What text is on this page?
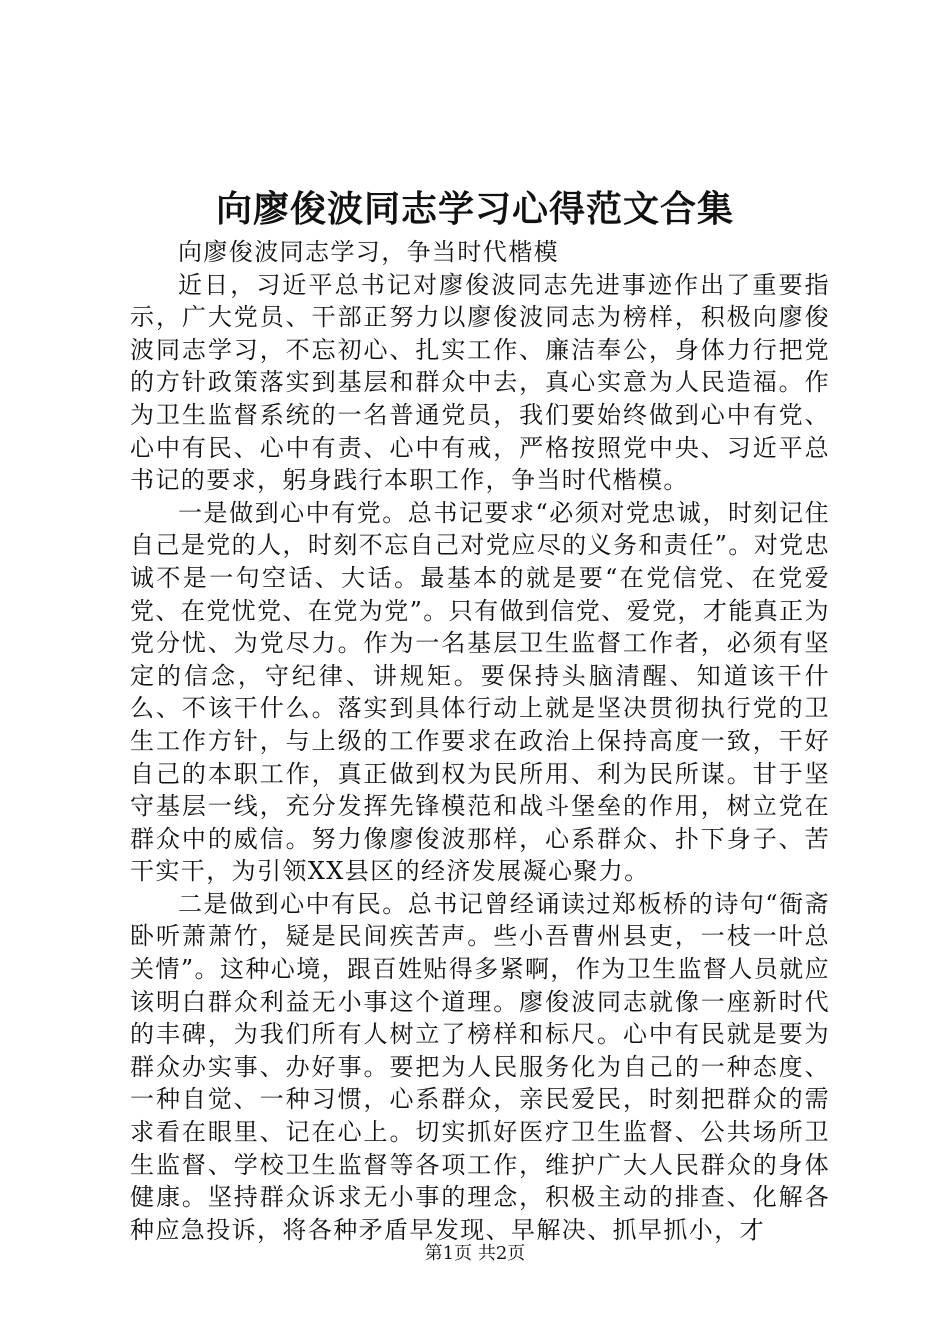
向廖俊波同志学习心得范文合集

向廖俊波同志学习，争当时代楷模

近日，习近平总书记对廖俊波同志先进事迹作出了重要指示，广大党员、干部正努力以廖俊波同志为榜样，积极向廖俊波同志学习，不忘初心、扎实工作、廉洁奉公，身体力行把党的方针政策落实到基层和群众中去，真心实意为人民造福。作为卫生监督系统的一名普通党员，我们要始终做到心中有党、心中有民、心中有责、心中有戒，严格按照党中央、习近平总书记的要求，躬身践行本职工作，争当时代楷模。

一是做到心中有党。总书记要求“必须对党忠诚，时刻记住自己是党的人，时刻不忘自己对党应尽的义务和责任”。对党忠诚不是一句空话、大话。最基本的就是要“在党信党、在党爱党、在党忧党、在党为党”。只有做到信党、爱党，才能真正为党分忧、为党尽力。作为一名基层卫生监督工作者，必须有坚定的信念，守纪律、讲规矩。要保持头脑清醒、知道该干什么、不该干什么。落实到具体行动上就是坚决贯彻执行党的卫生工作方针，与上级的工作要求在政治上保持高度一致，干好自己的本职工作，真正做到权为民所用、利为民所谋。甘于坚守基层一线，充分发挥先锋模范和战斗堡垒的作用，树立党在群众中的威信。努力像廖俊波那样，心系群众、扑下身子、苦干实干，为引领XX县区的经济发展凝心聚力。

二是做到心中有民。总书记曾经诵读过郑板桥的诗句“衙斋卧听萧萧竹，疑是民间疾苦声。些小吾曹州县吏，一枝一叶总关情”。这种心境，跟百姓贴得多紧啊，作为卫生监督人员就应该明白群众利益无小事这个道理。廖俊波同志就像一座新时代的丰碑，为我们所有人树立了榜样和标尺。心中有民就是要为群众办实事、办好事。要把为人民服务化为自己的一种态度、一种自觉、一种习惯，心系群众，亲民爱民，时刻把群众的需求看在眼里、记在心上。切实抓好医疗卫生监督、公共场所卫生监督、学校卫生监督等各项工作，维护广大人民群众的身体健康。坚持群众诉求无小事的理念，积极主动的排查、化解各种应急投诉，将各种矛盾早发现、早解决、抓早抓小，才

第1页 共2页
